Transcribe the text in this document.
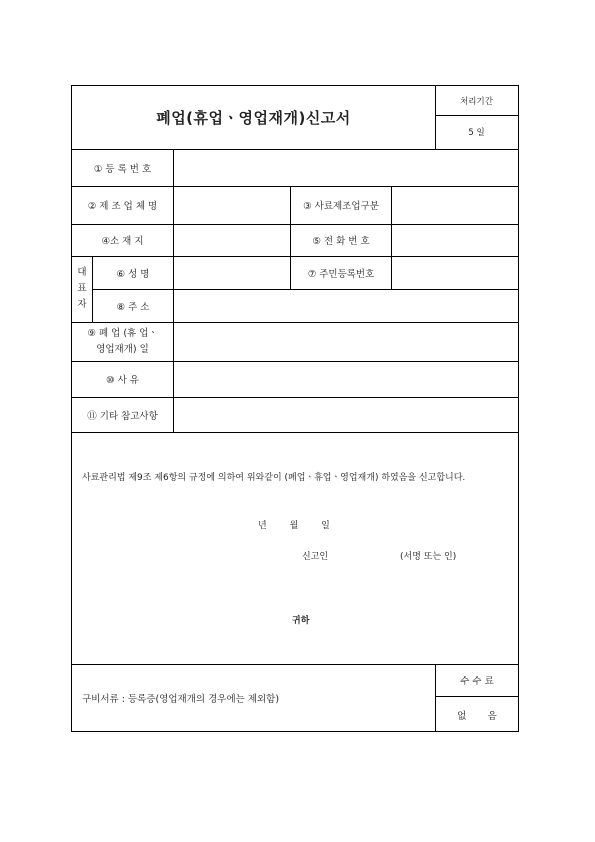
폐업(휴업ㆍ영업재개)신고서
처리기간
5 일
① 등 록 번 호
② 제 조 업 체 명	③ 사료제조업구분
④소 재 지	⑤ 전 화 번 호
대
표
자
⑥ 성 명	⑦ 주민등록번호
⑧ 주 소
⑨ 폐 업 (휴 업ㆍ
영업재개) 일
⑩ 사 유
⑪ 기타 참고사항
사료관리법 제9조 제6항의 규정에 의하여 위와같이 (폐업ㆍ휴업ㆍ영업재개) 하였음을 신고합니다.
년        월        일
신고인	(서명 또는 인)
귀하
구비서류 : 등록증(영업재개의 경우에는 제외함)
수 수 료
없       음
